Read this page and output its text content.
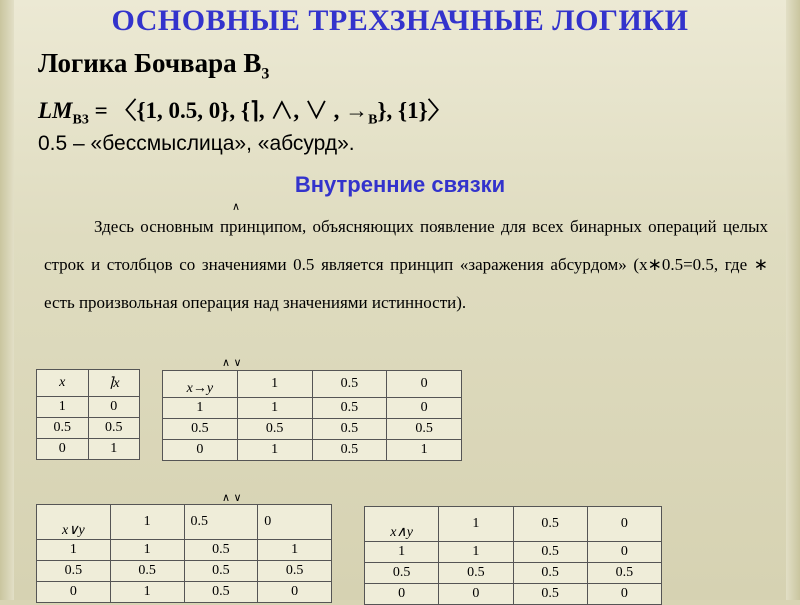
ОСНОВНЫЕ ТРЕХЗНАЧНЫЕ ЛОГИКИ
Логика Бочвара $B_3$
$LM_{B3}$ = 〈{1, 0.5, 0}, {⌉, ∧, ∨ , $\to_B$}, {1}〉
0.5 – «бессмыслица», «абсурд».
Внутренние связки
∧
Здесь основным принципом, объясняющих появление для всех бинарных операций целых строк и столбцов со значениями 0.5 является принцип «заражения абсурдом» (x∗0.5=0.5, где ∗ есть произвольная операция над значениями истинности).
x	⌉x
1	0
0.5	0.5
0	1
∧ ∨
x→y	1	0.5	0
1	1	0.5	0
0.5	0.5	0.5	0.5
0	1	0.5	1
∧ ∨
x∨y	1	0.5	0
1	1	0.5	1
0.5	0.5	0.5	0.5
0	1	0.5	0
x∧y	1	0.5	0
1	1	0.5	0
0.5	0.5	0.5	0.5
0	0	0.5	0
